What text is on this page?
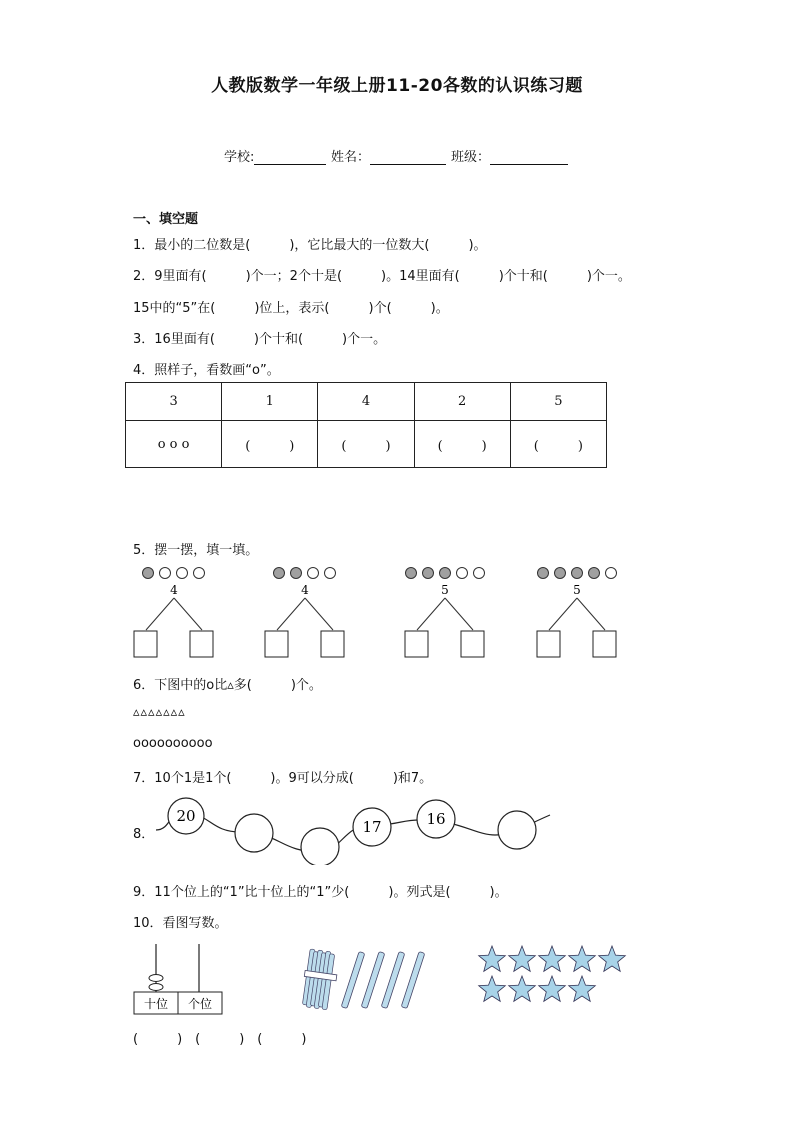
人教版数学一年级上册11-20各数的认识练习题
学校:	姓名：	班级：
一、填空题
1．最小的二位数是(　　　)，它比最大的一位数大(　　　)。
2．9里面有(　　　)个一；2个十是(　　　)。14里面有(　　　)个十和(　　　)个一。
15中的“5”在(　　　)位上，表示(　　　)个(　　　)。
3．16里面有(　　　)个十和(　　　)个一。
4．照样子，看数画“ο”。
3	1	4	2	5
ο ο ο	(　　　)	(　　　)	(　　　)	(　　　)
5．摆一摆，填一填。
4	4	5	5
6．下图中的ο比▵多(　　　)个。
▵▵▵▵▵▵▵
οοοοοοοοοο
7．10个1是1个(　　　)。9可以分成(　　　)和7。
8．
20
17	16
9．11个位上的“1”比十位上的“1”少(　　　)。列式是(　　　)。
10．看图写数。
十位 个位
(　　　)　(　　　)　(　　　)
